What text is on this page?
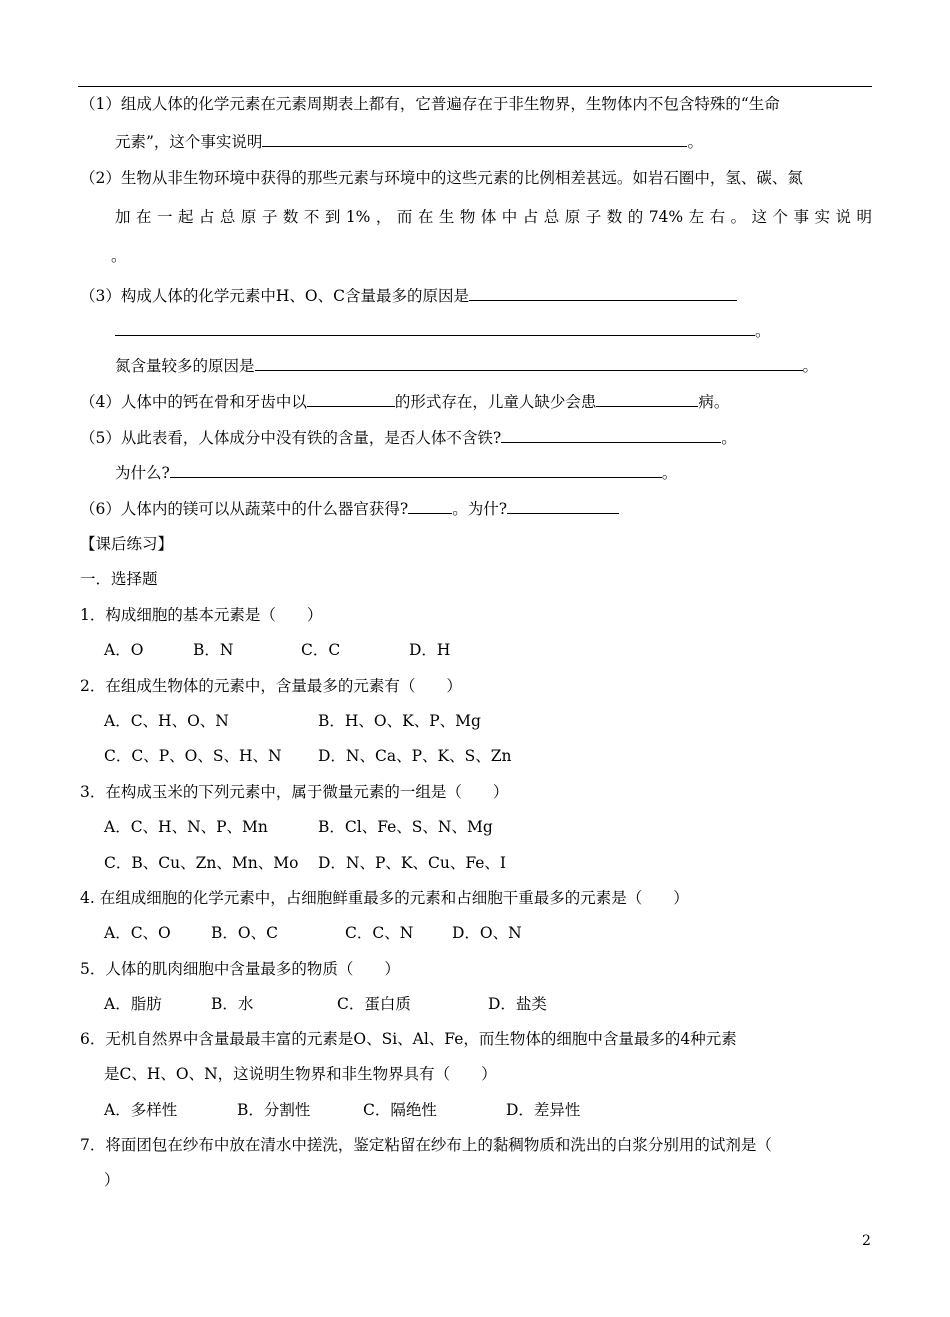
（1）组成人体的化学元素在元素周期表上都有，它普遍存在于非生物界，生物体内不包含特殊的“生命
元素”，这个事实说明	。
（2）生物从非生物环境中获得的那些元素与环境中的这些元素的比例相差甚远。如岩石圈中，氢、碳、氮
加在一起占总原子数不到1%，而在生物体中占总原子数的74%左右。这个事实说明
。
（3）构成人体的化学元素中H、O、C含量最多的原因是
。
氮含量较多的原因是	。
（4）人体中的钙在骨和牙齿中以	的形式存在，儿童人缺少会患	病。
（5）从此表看，人体成分中没有铁的含量，是否人体不含铁?	。
为什么?	。
（6）人体内的镁可以从蔬菜中的什么器官获得?	。为什?
【课后练习】
一．选择题
1．构成细胞的基本元素是（　　）
A．O	B．N	C．C	D．H
2．在组成生物体的元素中，含量最多的元素有（　　）
A．C、H、O、N	B．H、O、K、P、Mg
C．C、P、O、S、H、N D．N、Ca、P、K、S、Zn
3．在构成玉米的下列元素中，属于微量元素的一组是（　　）
A．C、H、N、P、Mn	B．Cl、Fe、S、N、Mg
C．B、Cu、Zn、Mn、Mo D．N、P、K、Cu、Fe、I
4. 在组成细胞的化学元素中，占细胞鲜重最多的元素和占细胞干重最多的元素是（　　）
A．C、O	B．O、C	C．C、N D．O、N
5．人体的肌肉细胞中含量最多的物质（　　）
A．脂肪	B．水	C．蛋白质	D．盐类
6．无机自然界中含量最最丰富的元素是O、Si、Al、Fe，而生物体的细胞中含量最多的4种元素
是C、H、O、N，这说明生物界和非生物界具有（　　）
A．多样性	B．分割性	C．隔绝性	D．差异性
7．将面团包在纱布中放在清水中搓洗，鉴定粘留在纱布上的黏稠物质和洗出的白浆分别用的试剂是（
）
2
